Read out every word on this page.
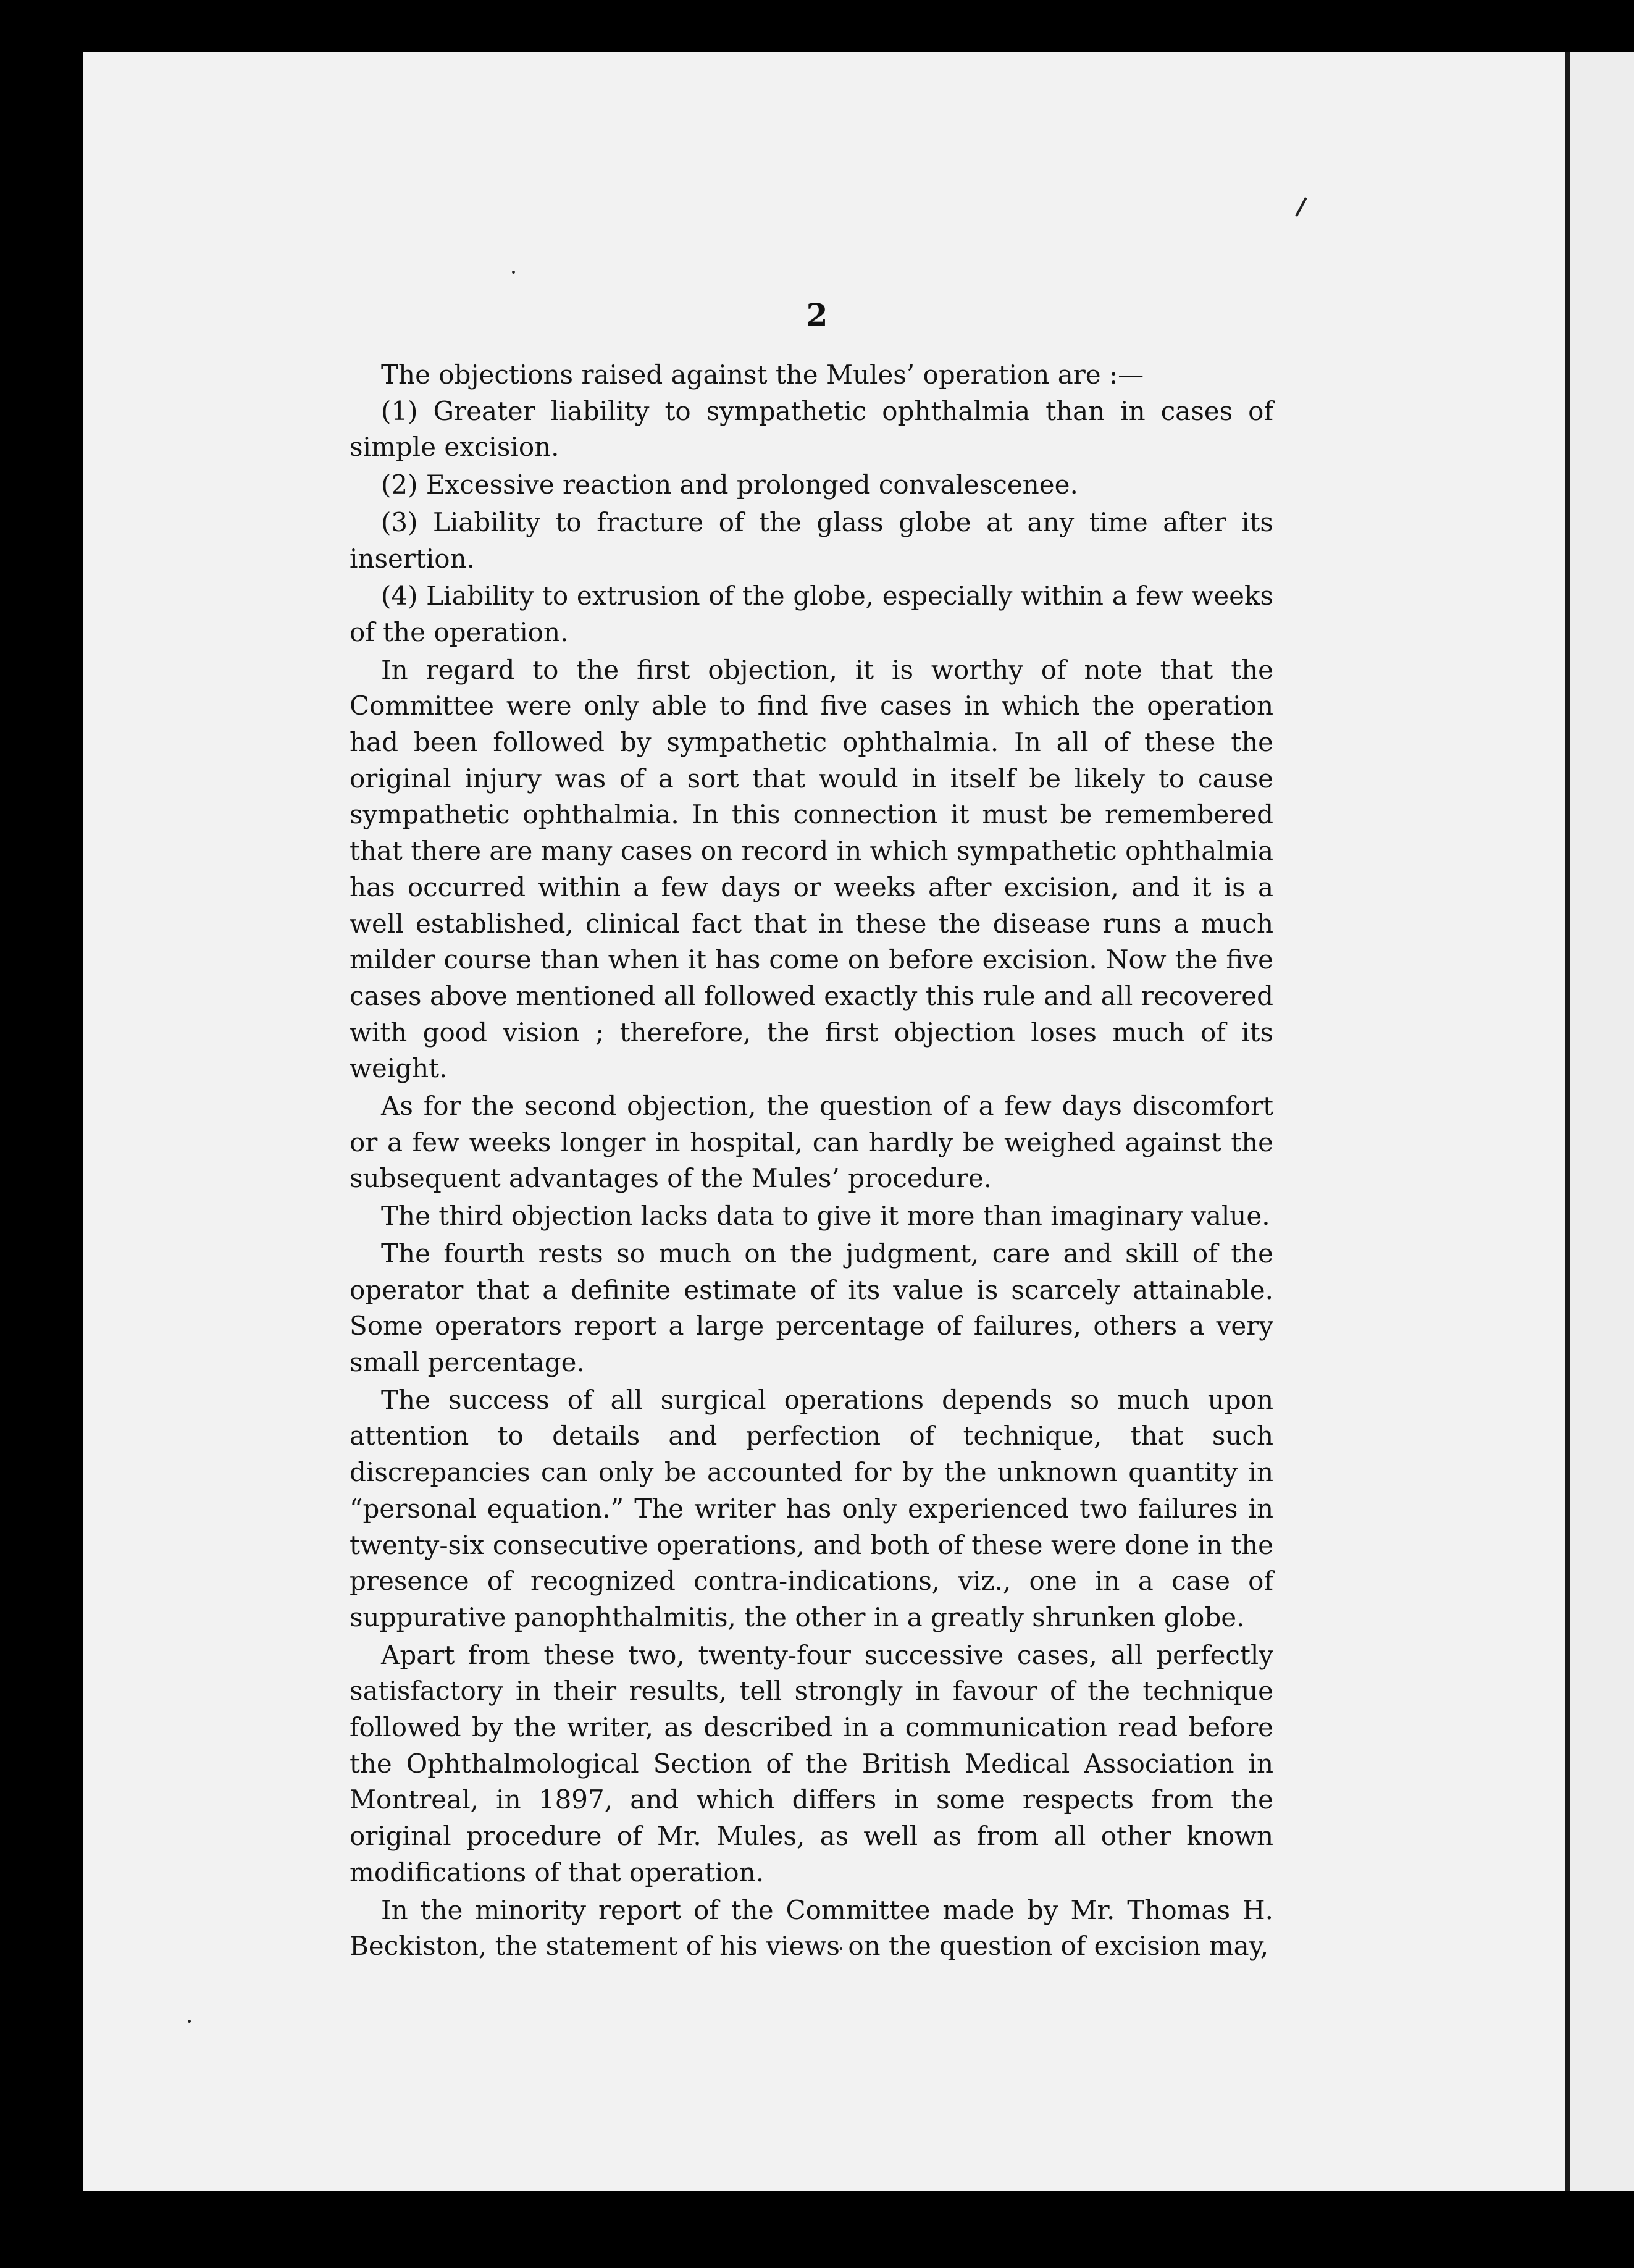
2

The objections raised against the Mules’ operation are :—

(1) Greater liability to sympathetic ophthalmia than in cases of simple excision.

(2) Excessive reaction and prolonged convalescenee.

(3) Liability to fracture of the glass globe at any time after its insertion.

(4) Liability to extrusion of the globe, especially within a few weeks of the operation.

In regard to the first objection, it is worthy of note that the Committee were only able to find five cases in which the operation had been followed by sympathetic ophthalmia. In all of these the original injury was of a sort that would in itself be likely to cause sympathetic ophthalmia. In this connection it must be remembered that there are many cases on record in which sympathetic ophthalmia has occurred within a few days or weeks after excision, and it is a well established, clinical fact that in these the disease runs a much milder course than when it has come on before excision. Now the five cases above mentioned all followed exactly this rule and all recovered with good vision ; therefore, the first objection loses much of its weight.

As for the second objection, the question of a few days discomfort or a few weeks longer in hospital, can hardly be weighed against the subsequent advantages of the Mules’ procedure.

The third objection lacks data to give it more than imaginary value.

The fourth rests so much on the judgment, care and skill of the operator that a definite estimate of its value is scarcely attainable. Some operators report a large percentage of failures, others a very small percentage.

The success of all surgical operations depends so much upon attention to details and perfection of technique, that such discrepancies can only be accounted for by the unknown quantity in “personal equation.” The writer has only experienced two failures in twenty-six consecutive operations, and both of these were done in the presence of recognized contra-indications, viz., one in a case of suppurative panophthalmitis, the other in a greatly shrunken globe.

Apart from these two, twenty-four successive cases, all perfectly satisfactory in their results, tell strongly in favour of the technique followed by the writer, as described in a communication read before the Ophthalmological Section of the British Medical Association in Montreal, in 1897, and which differs in some respects from the original procedure of Mr. Mules, as well as from all other known modifications of that operation.

In the minority report of the Committee made by Mr. Thomas H. Beckiston, the statement of his views on the question of excision may,
